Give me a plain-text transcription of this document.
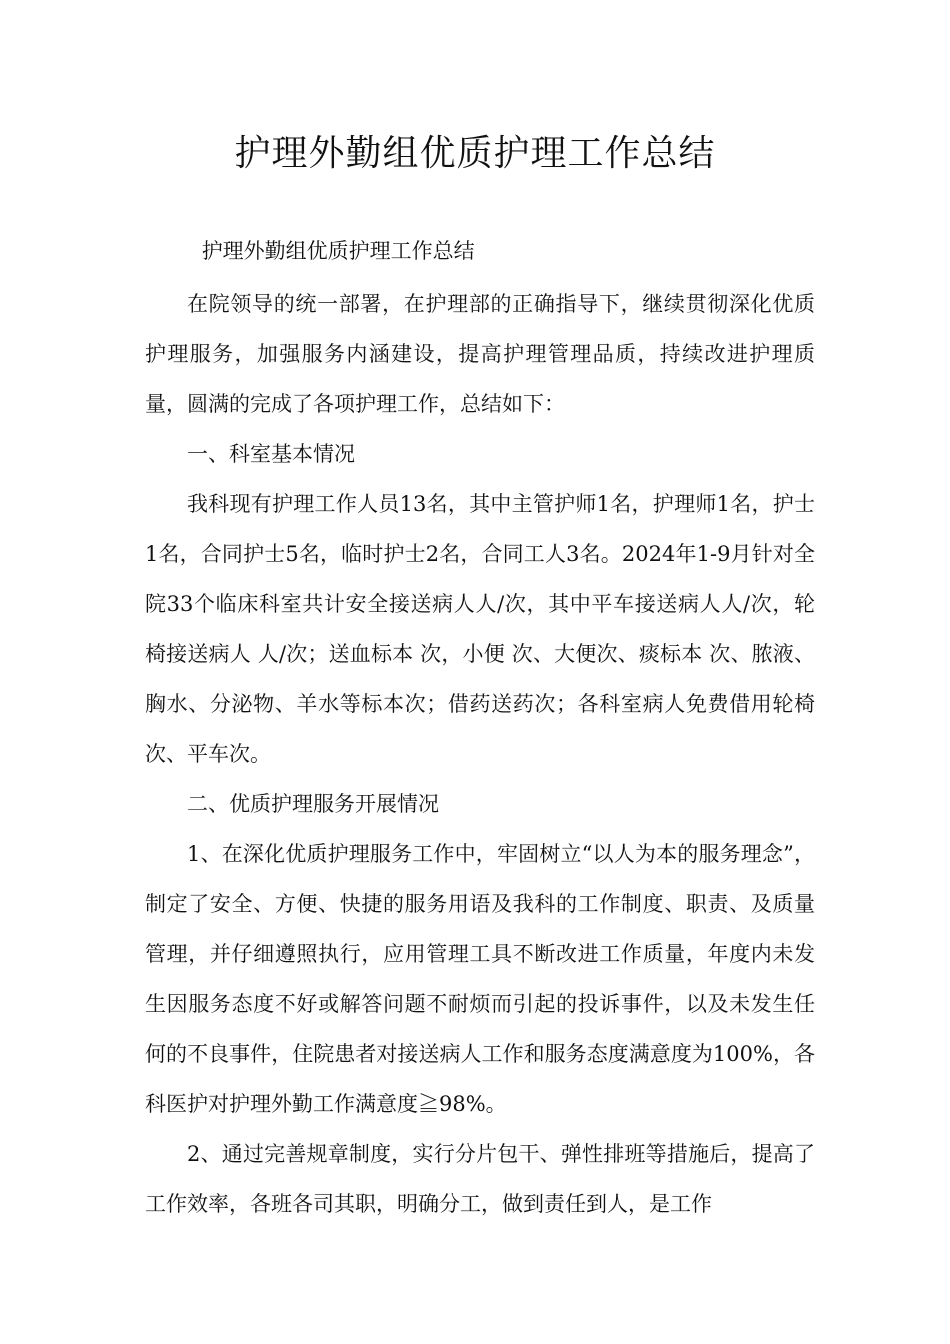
护理外勤组优质护理工作总结

护理外勤组优质护理工作总结

在院领导的统一部署，在护理部的正确指导下，继续贯彻深化优质护理服务，加强服务内涵建设，提高护理管理品质，持续改进护理质量，圆满的完成了各项护理工作，总结如下：

一、科室基本情况

我科现有护理工作人员13名，其中主管护师1名，护理师1名，护士1名，合同护士5名，临时护士2名，合同工人3名。2024年1-9月针对全院33个临床科室共计安全接送病人人/次，其中平车接送病人人/次，轮椅接送病人 人/次；送血标本 次，小便 次、大便次、痰标本 次、脓液、胸水、分泌物、羊水等标本次；借药送药次；各科室病人免费借用轮椅次、平车次。

二、优质护理服务开展情况

1、在深化优质护理服务工作中，牢固树立“以人为本的服务理念”，制定了安全、方便、快捷的服务用语及我科的工作制度、职责、及质量管理，并仔细遵照执行，应用管理工具不断改进工作质量，年度内未发生因服务态度不好或解答问题不耐烦而引起的投诉事件，以及未发生任何的不良事件，住院患者对接送病人工作和服务态度满意度为100%，各科医护对护理外勤工作满意度≧98%。

2、通过完善规章制度，实行分片包干、弹性排班等措施后，提高了工作效率，各班各司其职，明确分工，做到责任到人，是工作
